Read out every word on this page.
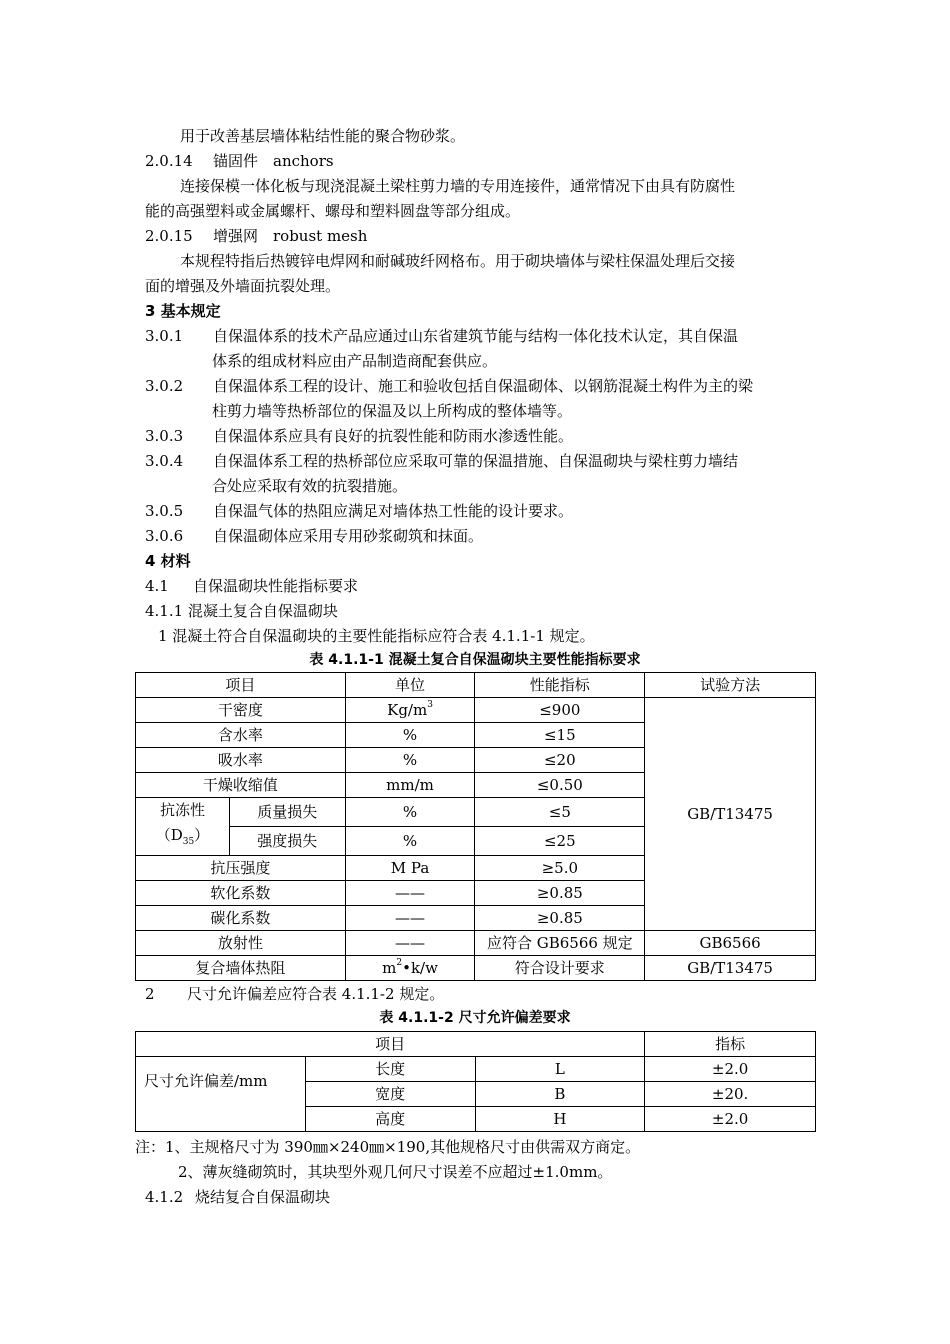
用于改善基层墙体粘结性能的聚合物砂浆。
2.0.14 锚固件　anchors
连接保模一体化板与现浇混凝土梁柱剪力墙的专用连接件，通常情况下由具有防腐性
能的高强塑料或金属螺杆、螺母和塑料圆盘等部分组成。
2.0.15 增强网　robust mesh
本规程特指后热镀锌电焊网和耐碱玻纤网格布。用于砌块墙体与梁柱保温处理后交接
面的增强及外墙面抗裂处理。
3 基本规定
3.0.1 自保温体系的技术产品应通过山东省建筑节能与结构一体化技术认定，其自保温
体系的组成材料应由产品制造商配套供应。
3.0.2 自保温体系工程的设计、施工和验收包括自保温砌体、以钢筋混凝土构件为主的梁
柱剪力墙等热桥部位的保温及以上所构成的整体墙等。
3.0.3 自保温体系应具有良好的抗裂性能和防雨水渗透性能。
3.0.4 自保温体系工程的热桥部位应采取可靠的保温措施、自保温砌块与梁柱剪力墙结
合处应采取有效的抗裂措施。
3.0.5 自保温气体的热阻应满足对墙体热工性能的设计要求。
3.0.6 自保温砌体应采用专用砂浆砌筑和抹面。
4 材料
4.1 自保温砌块性能指标要求
4.1.1 混凝土复合自保温砌块
1 混凝土符合自保温砌块的主要性能指标应符合表 4.1.1-1 规定。
表 4.1.1-1 混凝土复合自保温砌块主要性能指标要求
项目		单位	性能指标	试验方法
干密度		$Kg/m^3$	≤900	GB/T13475
含水率		%	≤15	
吸水率		%	≤20	
干燥收缩值		mm/m	≤0.50	

抗冻性
$(D_{35})$	质量损失	%	≤5	
	强度损失	%	≤25	
抗压强度		M Pa	≥5.0	
软化系数		——	≥0.85	
碳化系数		——	≥0.85	
放射性		——	应符合 GB6566 规定	GB6566
复合墙体热阻		$m^2•k/w$	符合设计要求	GB/T13475
2 尺寸允许偏差应符合表 4.1.1-2 规定。
表 4.1.1-2 尺寸允许偏差要求
项目			指标
尺寸允许偏差/mm	长度	L	±2.0
	宽度	B	±20.
	高度	H	±2.0
注：1、主规格尺寸为 390㎜×240㎜×190,其他规格尺寸由供需双方商定。
2、薄灰缝砌筑时，其块型外观几何尺寸误差不应超过±1.0mm。
4.1.2 烧结复合自保温砌块
